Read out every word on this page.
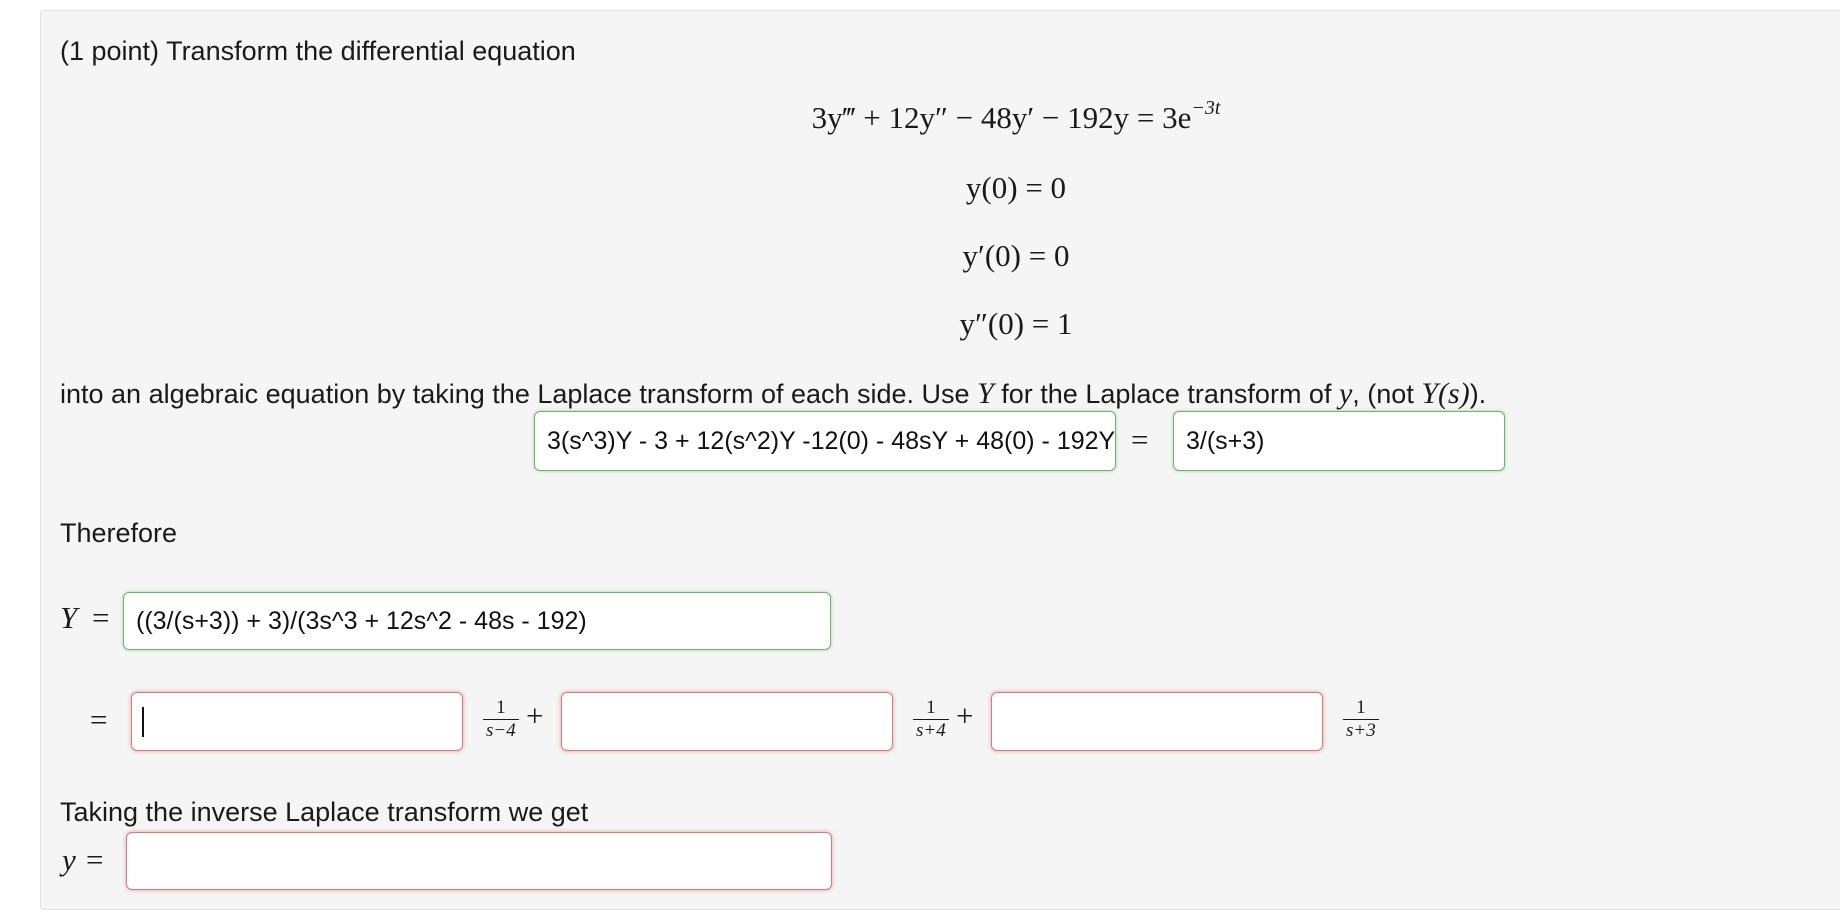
(1 point) Transform the differential equation
3y‴ + $12y'' - 48y' - 192y = 3e^{-3t}$
y(0) = 0
y′(0) = 0
y″(0) = 1
into an algebraic equation by taking the Laplace transform of each side. Use Y for the Laplace transform of y, (not Y(s)).
3(s^3)Y - 3 + 12(s^2)Y -12(0) - 48sY + 48(0) - 192Y = 3/(s+3)
Therefore
Y = ((3/(s+3)) + 3)/(3s^3 + 12s^2 - 48s - 192)
=	1
s−4 +	1
s+4 +	1
s+3
Taking the inverse Laplace transform we get
y =
